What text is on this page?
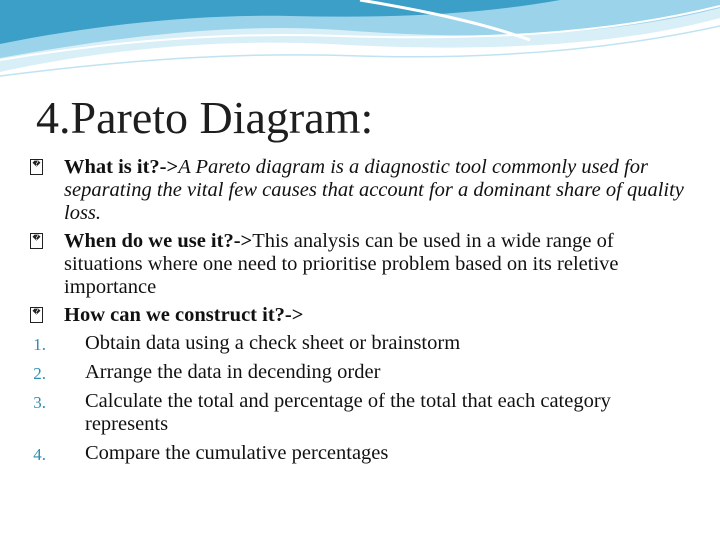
4.Pareto Diagram:
� What is it?->A Pareto diagram is a diagnostic tool commonly used for separating the vital few causes that account for a dominant share of quality loss.
� When do we use it?->This analysis can be used in a wide range of situations where one need to prioritise problem based on its reletive importance
� How can we construct it?->
1. Obtain data using a check sheet or brainstorm
2. Arrange the data in decending order
3. Calculate the total and percentage of the total that each category represents
4. Compare the cumulative percentages
